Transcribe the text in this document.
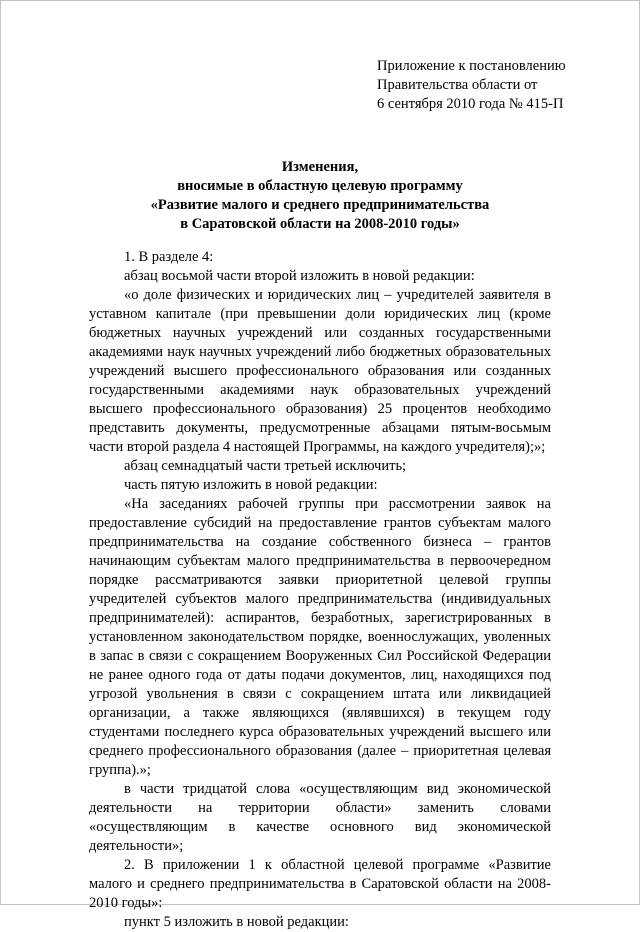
Приложение к постановлению
Правительства области от
6 сентября 2010 года № 415-П
Изменения,
вносимые в областную целевую программу
«Развитие малого и среднего предпринимательства
в Саратовской области на 2008-2010 годы»

1. В разделе 4:

абзац восьмой части второй изложить в новой редакции:

«о доле физических и юридических лиц – учредителей заявителя в уставном капитале (при превышении доли юридических лиц (кроме бюджетных научных учреждений или созданных государственными академиями наук научных учреждений либо бюджетных образовательных учреждений высшего профессионального образования или созданных государственными академиями наук образовательных учреждений высшего профессионального образования) 25 процентов необходимо представить документы, предусмотренные абзацами пятым-восьмым части второй раздела 4 настоящей Программы, на каждого учредителя);»;

абзац семнадцатый части третьей исключить;

часть пятую изложить в новой редакции:

«На заседаниях рабочей группы при рассмотрении заявок на предоставление субсидий на предоставление грантов субъектам малого предпринимательства на создание собственного бизнеса – грантов начинающим субъектам малого предпринимательства в первоочередном порядке рассматриваются заявки приоритетной целевой группы учредителей субъектов малого предпринимательства (индивидуальных предпринимателей): аспирантов, безработных, зарегистрированных в установленном законодательством порядке, военнослужащих, уволенных в запас в связи с сокращением Вооруженных Сил Российской Федерации не ранее одного года от даты подачи документов, лиц, находящихся под угрозой увольнения в связи с сокращением штата или ликвидацией организации, а также являющихся (являвшихся) в текущем году студентами последнего курса образовательных учреждений высшего или среднего профессионального образования (далее – приоритетная целевая группа).»;

в части тридцатой слова «осуществляющим вид экономической деятельности на территории области» заменить словами «осуществляющим в качестве основного вид экономической деятельности»;

2. В приложении 1 к областной целевой программе «Развитие малого и среднего предпринимательства в Саратовской области на 2008-2010 годы»:

пункт 5 изложить в новой редакции:
